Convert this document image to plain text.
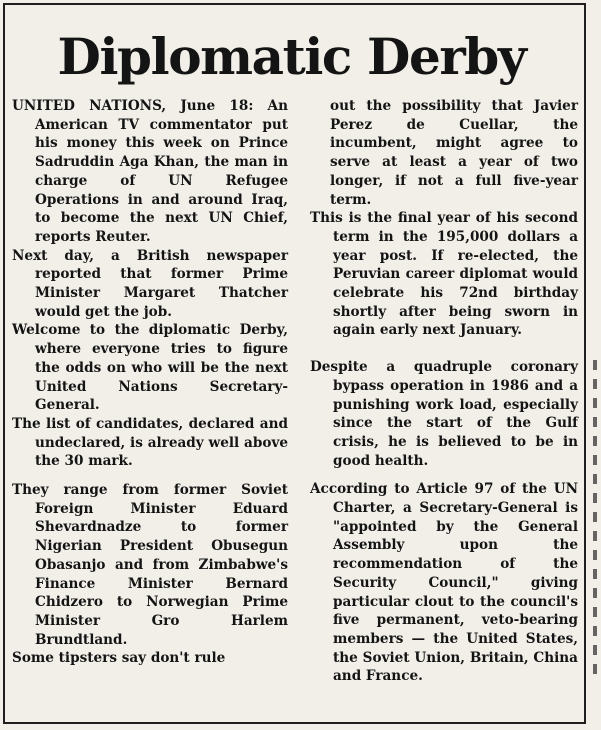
Diplomatic Derby

UNITED NATIONS, June 18: An American TV commentator put his money this week on Prince Sadruddin Aga Khan, the man in charge of UN Refugee Operations in and around Iraq, to become the next UN Chief, reports Reuter.

Next day, a British newspaper reported that former Prime Minister Margaret Thatcher would get the job.

Welcome to the diplomatic Derby, where everyone tries to figure the odds on who will be the next United Nations Secretary-General.

The list of candidates, declared and undeclared, is already well above the 30 mark.

They range from former Soviet Foreign Minister Eduard Shevardnadze to former Nigerian President Obusegun Obasanjo and from Zimbabwe's Finance Minister Bernard Chidzero to Norwegian Prime Minister Gro Harlem Brundtland.

Some tipsters say don't rule

out the possibility that Javier Perez de Cuellar, the incumbent, might agree to serve at least a year of two longer, if not a full five-year term.

This is the final year of his second term in the 195,000 dollars a year post. If re-elected, the Peruvian career diplomat would celebrate his 72nd birthday shortly after being sworn in again early next January.

Despite a quadruple coronary bypass operation in 1986 and a punishing work load, especially since the start of the Gulf crisis, he is believed to be in good health.

According to Article 97 of the UN Charter, a Secretary-General is "appointed by the General Assembly upon the recommendation of the Security Council," giving particular clout to the council's five permanent, veto-bearing members — the United States, the Soviet Union, Britain, China and France.
